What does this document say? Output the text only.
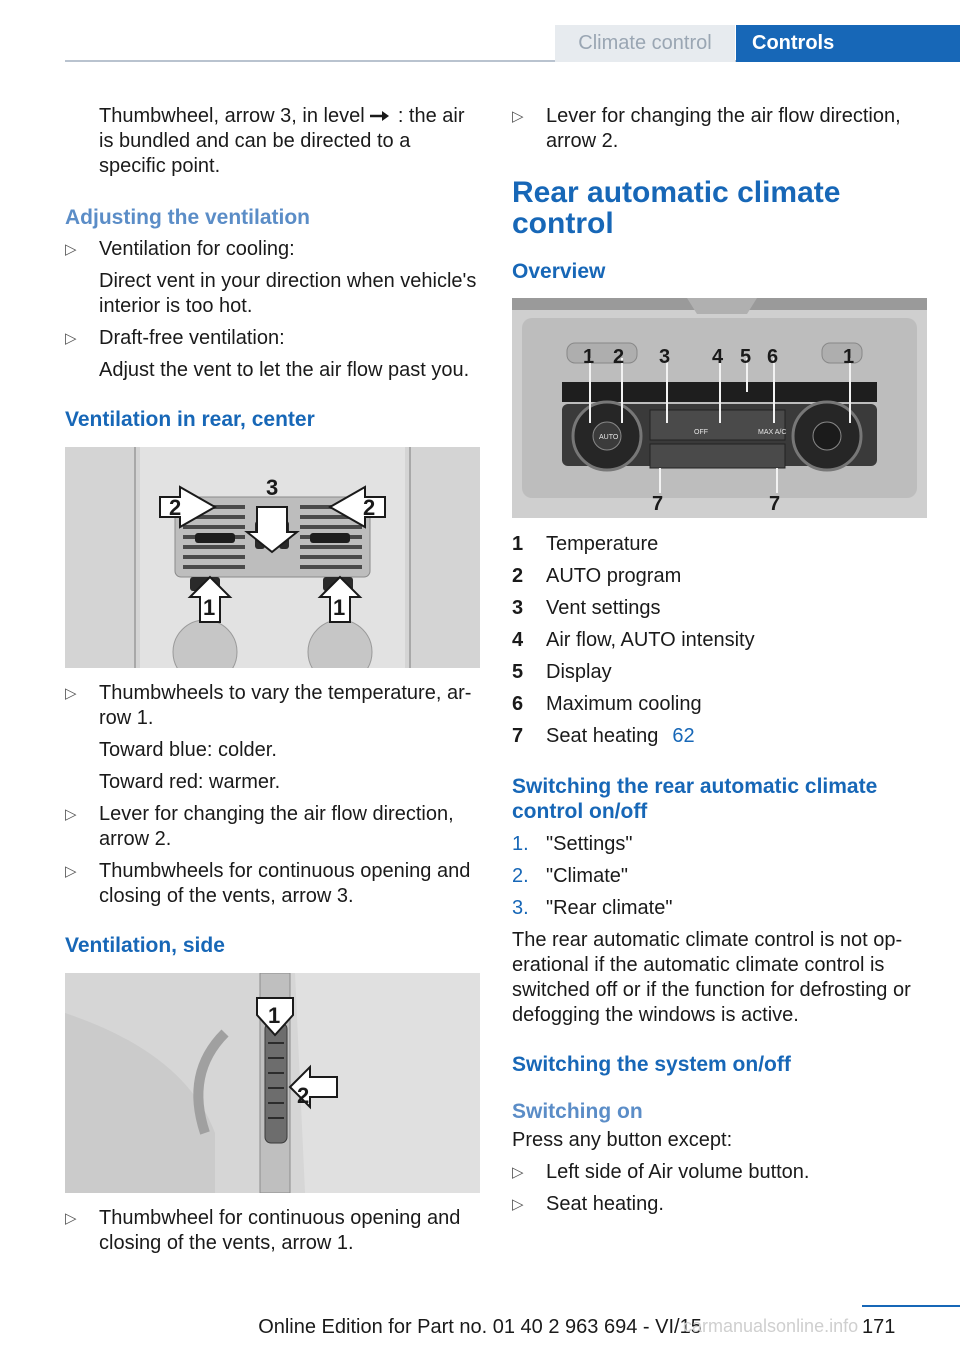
Climate control	Controls

Thumbwheel, arrow 3, in level : the air is bundled and can be directed to a specific point.

Adjusting the ventilation

▷ Ventilation for cooling:

Direct vent in your direction when vehicle's interior is too hot.

▷ Draft-free ventilation:

Adjust the vent to let the air flow past you.

Ventilation in rear, center

1	1
2	2
3

▷ Thumbwheels to vary the temperature, ar-row 1.

Toward blue: colder.

Toward red: warmer.

▷ Lever for changing the air flow direction, arrow 2.

▷ Thumbwheels for continuous opening and closing of the vents, arrow 3.

Ventilation, side

1
2

▷ Thumbwheel for continuous opening and closing of the vents, arrow 1.

▷ Lever for changing the air flow direction, arrow 2.

Rear automatic climate control

Overview

AUTO
OFF	MAX A/C
1 2 3 4 5 6	1
7	7
1	Temperature
2	AUTO program
3	Vent settings
4	Air flow, AUTO intensity
5	Display
6	Maximum cooling
7	Seat heating 62

Switching the rear automatic climate control on/off

1. "Settings"
2. "Climate"
3. "Rear climate"

The rear automatic climate control is not op-erational if the automatic climate control is switched off or if the function for defrosting or defogging the windows is active.

Switching the system on/off

Switching on

Press any button except:

▷ Left side of Air volume button.

▷ Seat heating.

171
Online Edition for Part no. 01 40 2 963 694 - VI/15
carmanualsonline.info
